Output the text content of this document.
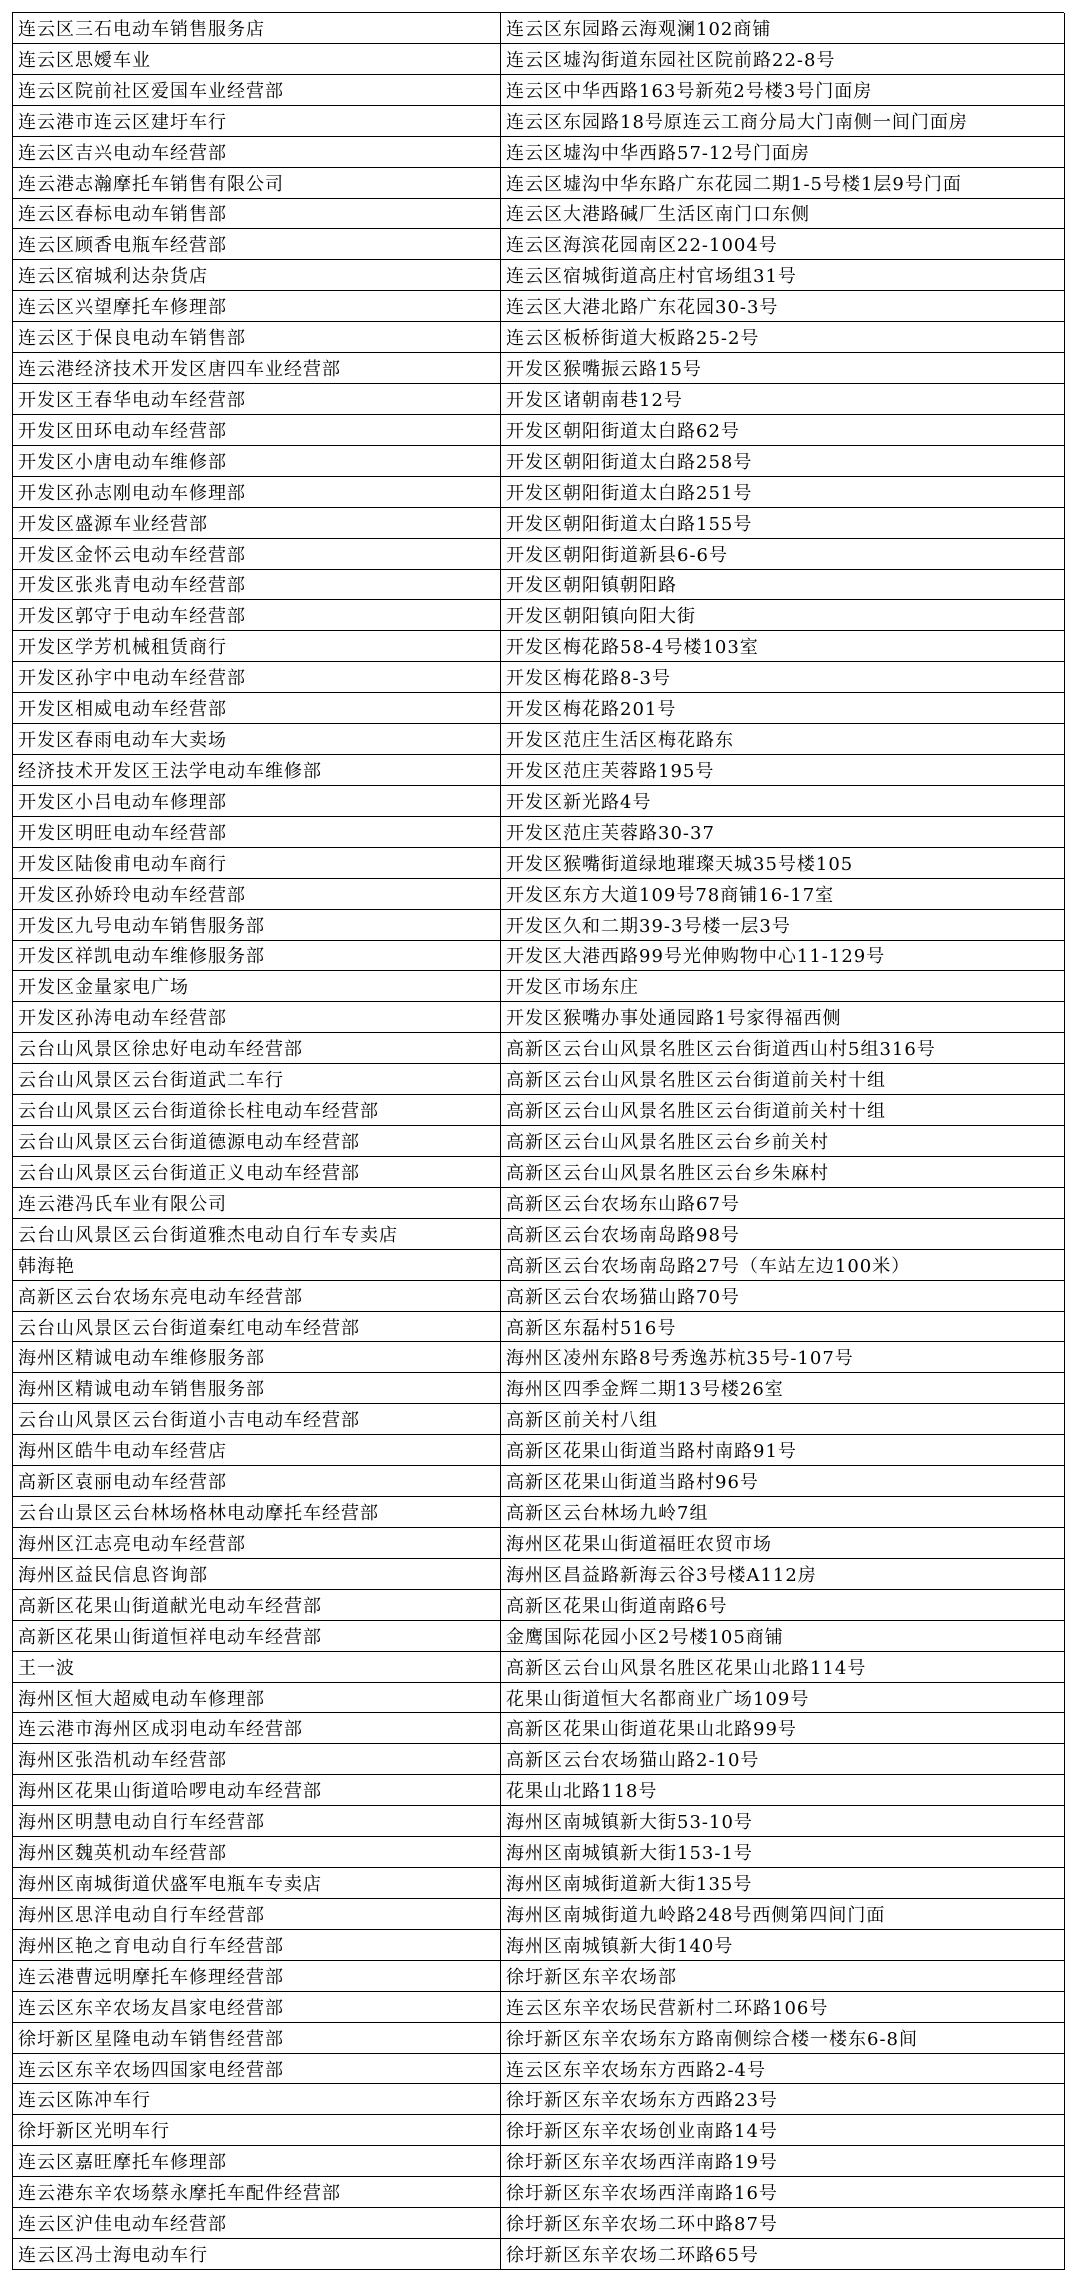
连云区三石电动车销售服务店	连云区东园路云海观澜102商铺
连云区思嬡车业	连云区墟沟街道东园社区院前路22-8号
连云区院前社区爱国车业经营部	连云区中华西路163号新苑2号楼3号门面房
连云港市连云区建圩车行	连云区东园路18号原连云工商分局大门南侧一间门面房
连云区吉兴电动车经营部	连云区墟沟中华西路57-12号门面房
连云港志瀚摩托车销售有限公司	连云区墟沟中华东路广东花园二期1-5号楼1层9号门面
连云区春标电动车销售部	连云区大港路碱厂生活区南门口东侧
连云区顾香电瓶车经营部	连云区海滨花园南区22-1004号
连云区宿城利达杂货店	连云区宿城街道高庄村官场组31号
连云区兴望摩托车修理部	连云区大港北路广东花园30-3号
连云区于保良电动车销售部	连云区板桥街道大板路25-2号
连云港经济技术开发区唐四车业经营部	开发区猴嘴振云路15号
开发区王春华电动车经营部	开发区诸朝南巷12号
开发区田环电动车经营部	开发区朝阳街道太白路62号
开发区小唐电动车维修部	开发区朝阳街道太白路258号
开发区孙志刚电动车修理部	开发区朝阳街道太白路251号
开发区盛源车业经营部	开发区朝阳街道太白路155号
开发区金怀云电动车经营部	开发区朝阳街道新县6-6号
开发区张兆青电动车经营部	开发区朝阳镇朝阳路
开发区郭守于电动车经营部	开发区朝阳镇向阳大街
开发区学芳机械租赁商行	开发区梅花路58-4号楼103室
开发区孙宇中电动车经营部	开发区梅花路8-3号
开发区相威电动车经营部	开发区梅花路201号
开发区春雨电动车大卖场	开发区范庄生活区梅花路东
经济技术开发区王法学电动车维修部	开发区范庄芙蓉路195号
开发区小吕电动车修理部	开发区新光路4号
开发区明旺电动车经营部	开发区范庄芙蓉路30-37
开发区陆俊甫电动车商行	开发区猴嘴街道绿地璀璨天城35号楼105
开发区孙娇玲电动车经营部	开发区东方大道109号78商铺16-17室
开发区九号电动车销售服务部	开发区久和二期39-3号楼一层3号
开发区祥凯电动车维修服务部	开发区大港西路99号光伸购物中心11-129号
开发区金量家电广场	开发区市场东庄
开发区孙涛电动车经营部	开发区猴嘴办事处通园路1号家得福西侧
云台山风景区徐忠好电动车经营部	高新区云台山风景名胜区云台街道西山村5组316号
云台山风景区云台街道武二车行	高新区云台山风景名胜区云台街道前关村十组
云台山风景区云台街道徐长柱电动车经营部	高新区云台山风景名胜区云台街道前关村十组
云台山风景区云台街道德源电动车经营部	高新区云台山风景名胜区云台乡前关村
云台山风景区云台街道正义电动车经营部	高新区云台山风景名胜区云台乡朱麻村
连云港冯氏车业有限公司	高新区云台农场东山路67号
云台山风景区云台街道雅杰电动自行车专卖店	高新区云台农场南岛路98号
韩海艳	高新区云台农场南岛路27号（车站左边100米）
高新区云台农场东亮电动车经营部	高新区云台农场猫山路70号
云台山风景区云台街道秦红电动车经营部	高新区东磊村516号
海州区精诚电动车维修服务部	海州区凌州东路8号秀逸苏杭35号-107号
海州区精诚电动车销售服务部	海州区四季金辉二期13号楼26室
云台山风景区云台街道小吉电动车经营部	高新区前关村八组
海州区皓牛电动车经营店	高新区花果山街道当路村南路91号
高新区袁丽电动车经营部	高新区花果山街道当路村96号
云台山景区云台林场格林电动摩托车经营部	高新区云台林场九岭7组
海州区江志亮电动车经营部	海州区花果山街道福旺农贸市场
海州区益民信息咨询部	海州区昌益路新海云谷3号楼A112房
高新区花果山街道献光电动车经营部	高新区花果山街道南路6号
高新区花果山街道恒祥电动车经营部	金鹰国际花园小区2号楼105商铺
王一波	高新区云台山风景名胜区花果山北路114号
海州区恒大超威电动车修理部	花果山街道恒大名都商业广场109号
连云港市海州区成羽电动车经营部	高新区花果山街道花果山北路99号
海州区张浩机动车经营部	高新区云台农场猫山路2-10号
海州区花果山街道哈啰电动车经营部	花果山北路118号
海州区明慧电动自行车经营部	海州区南城镇新大街53-10号
海州区魏英机动车经营部	海州区南城镇新大街153-1号
海州区南城街道伏盛军电瓶车专卖店	海州区南城街道新大街135号
海州区思洋电动自行车经营部	海州区南城街道九岭路248号西侧第四间门面
海州区艳之育电动自行车经营部	海州区南城镇新大街140号
连云港曹远明摩托车修理经营部	徐圩新区东辛农场部
连云区东辛农场友昌家电经营部	连云区东辛农场民营新村二环路106号
徐圩新区星隆电动车销售经营部	徐圩新区东辛农场东方路南侧综合楼一楼东6-8间
连云区东辛农场四国家电经营部	连云区东辛农场东方西路2-4号
连云区陈冲车行	徐圩新区东辛农场东方西路23号
徐圩新区光明车行	徐圩新区东辛农场创业南路14号
连云区嘉旺摩托车修理部	徐圩新区东辛农场西洋南路19号
连云港东辛农场蔡永摩托车配件经营部	徐圩新区东辛农场西洋南路16号
连云区沪佳电动车经营部	徐圩新区东辛农场二环中路87号
连云区冯士海电动车行	徐圩新区东辛农场二环路65号
